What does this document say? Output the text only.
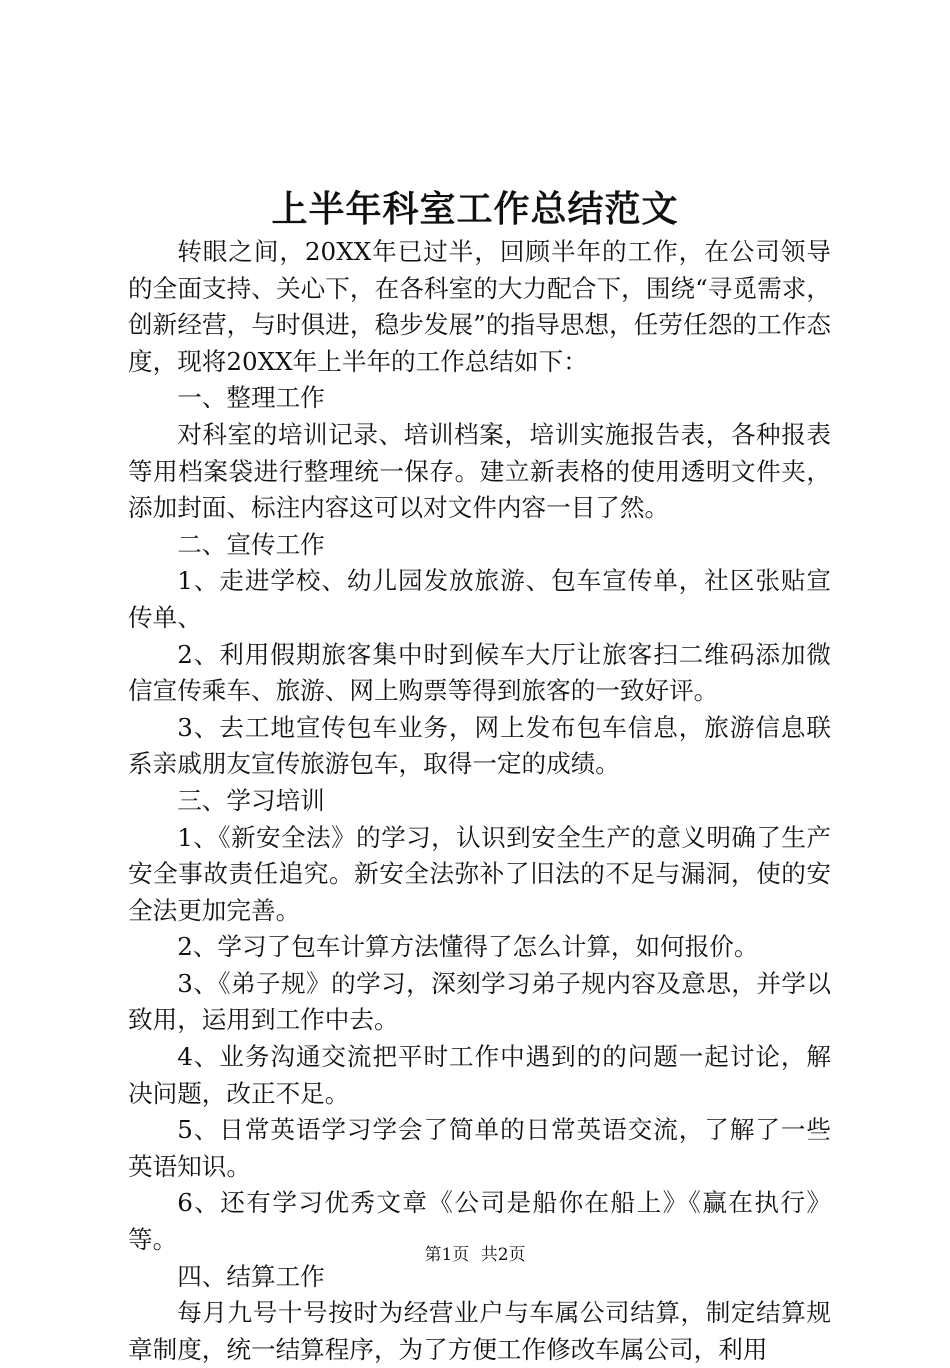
上半年科室工作总结范文

转眼之间，20XX年已过半，回顾半年的工作，在公司领导的全面支持、关心下，在各科室的大力配合下，围绕“寻觅需求，创新经营，与时俱进，稳步发展”的指导思想，任劳任怨的工作态度，现将20XX年上半年的工作总结如下：

一、整理工作

对科室的培训记录、培训档案，培训实施报告表，各种报表等用档案袋进行整理统一保存。建立新表格的使用透明文件夹，添加封面、标注内容这可以对文件内容一目了然。

二、宣传工作

1、走进学校、幼儿园发放旅游、包车宣传单，社区张贴宣传单、

2、利用假期旅客集中时到候车大厅让旅客扫二维码添加微信宣传乘车、旅游、网上购票等得到旅客的一致好评。

3、去工地宣传包车业务，网上发布包车信息，旅游信息联系亲戚朋友宣传旅游包车，取得一定的成绩。

三、学习培训

1、《新安全法》的学习，认识到安全生产的意义明确了生产安全事故责任追究。新安全法弥补了旧法的不足与漏洞，使的安全法更加完善。

2、学习了包车计算方法懂得了怎么计算，如何报价。

3、《弟子规》的学习，深刻学习弟子规内容及意思，并学以致用，运用到工作中去。

4、业务沟通交流把平时工作中遇到的的问题一起讨论，解决问题，改正不足。

5、日常英语学习学会了简单的日常英语交流，了解了一些英语知识。

6、还有学习优秀文章《公司是船你在船上》《赢在执行》等。

四、结算工作

每月九号十号按时为经营业户与车属公司结算，制定结算规章制度，统一结算程序，为了方便工作修改车属公司，利用

第1页 共2页
